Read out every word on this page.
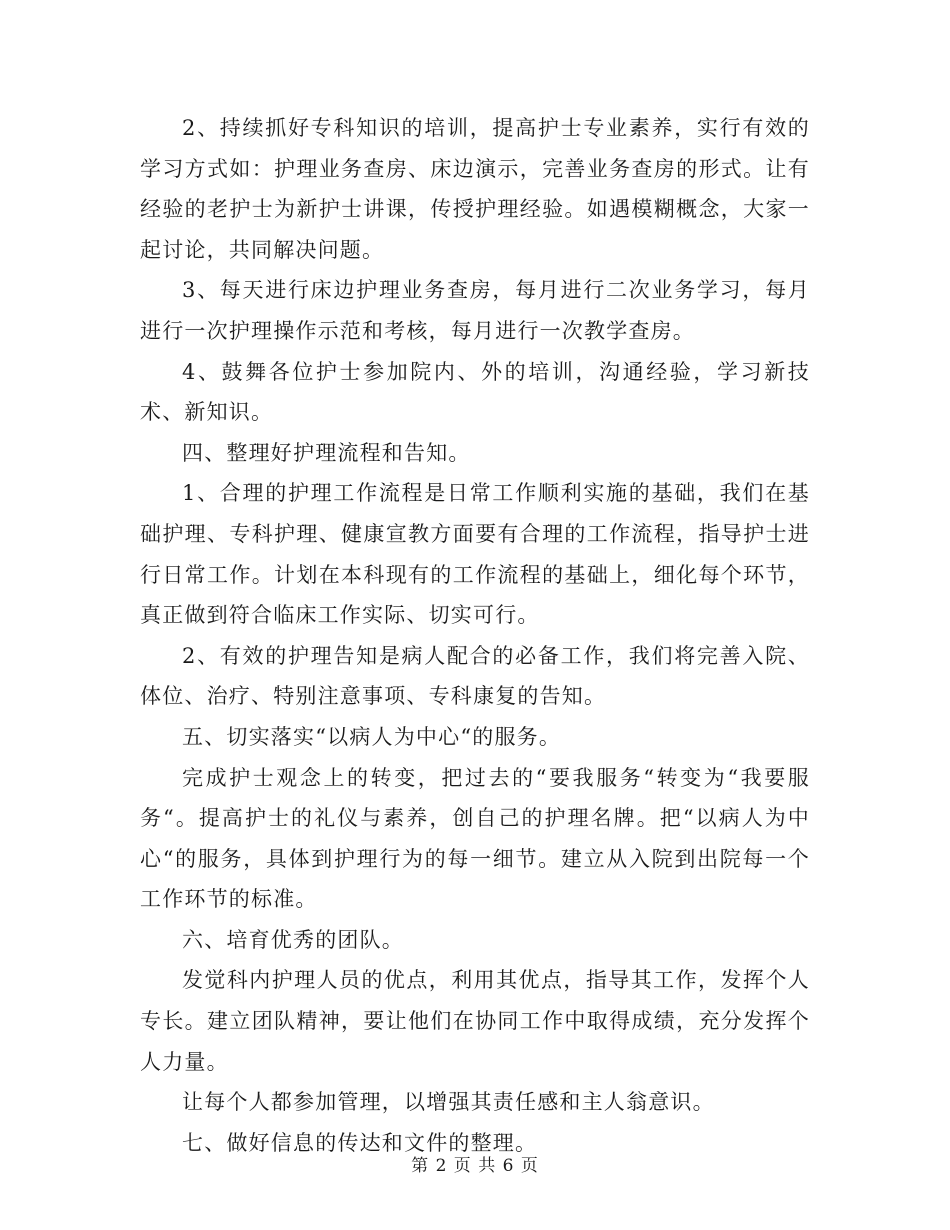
2、持续抓好专科知识的培训，提高护士专业素养，实行有效的学习方式如：护理业务查房、床边演示，完善业务查房的形式。让有经验的老护士为新护士讲课，传授护理经验。如遇模糊概念，大家一起讨论，共同解决问题。

3、每天进行床边护理业务查房，每月进行二次业务学习，每月进行一次护理操作示范和考核，每月进行一次教学查房。

4、鼓舞各位护士参加院内、外的培训，沟通经验，学习新技术、新知识。

四、整理好护理流程和告知。

1、合理的护理工作流程是日常工作顺利实施的基础，我们在基础护理、专科护理、健康宣教方面要有合理的工作流程，指导护士进行日常工作。计划在本科现有的工作流程的基础上，细化每个环节，真正做到符合临床工作实际、切实可行。

2、有效的护理告知是病人配合的必备工作，我们将完善入院、体位、治疗、特别注意事项、专科康复的告知。

五、切实落实“以病人为中心“的服务。

完成护士观念上的转变，把过去的“要我服务“转变为“我要服务“。提高护士的礼仪与素养，创自己的护理名牌。把“以病人为中心“的服务，具体到护理行为的每一细节。建立从入院到出院每一个工作环节的标准。

六、培育优秀的团队。

发觉科内护理人员的优点，利用其优点，指导其工作，发挥个人专长。建立团队精神，要让他们在协同工作中取得成绩，充分发挥个人力量。

让每个人都参加管理，以增强其责任感和主人翁意识。

七、做好信息的传达和文件的整理。

第 2 页 共 6 页
